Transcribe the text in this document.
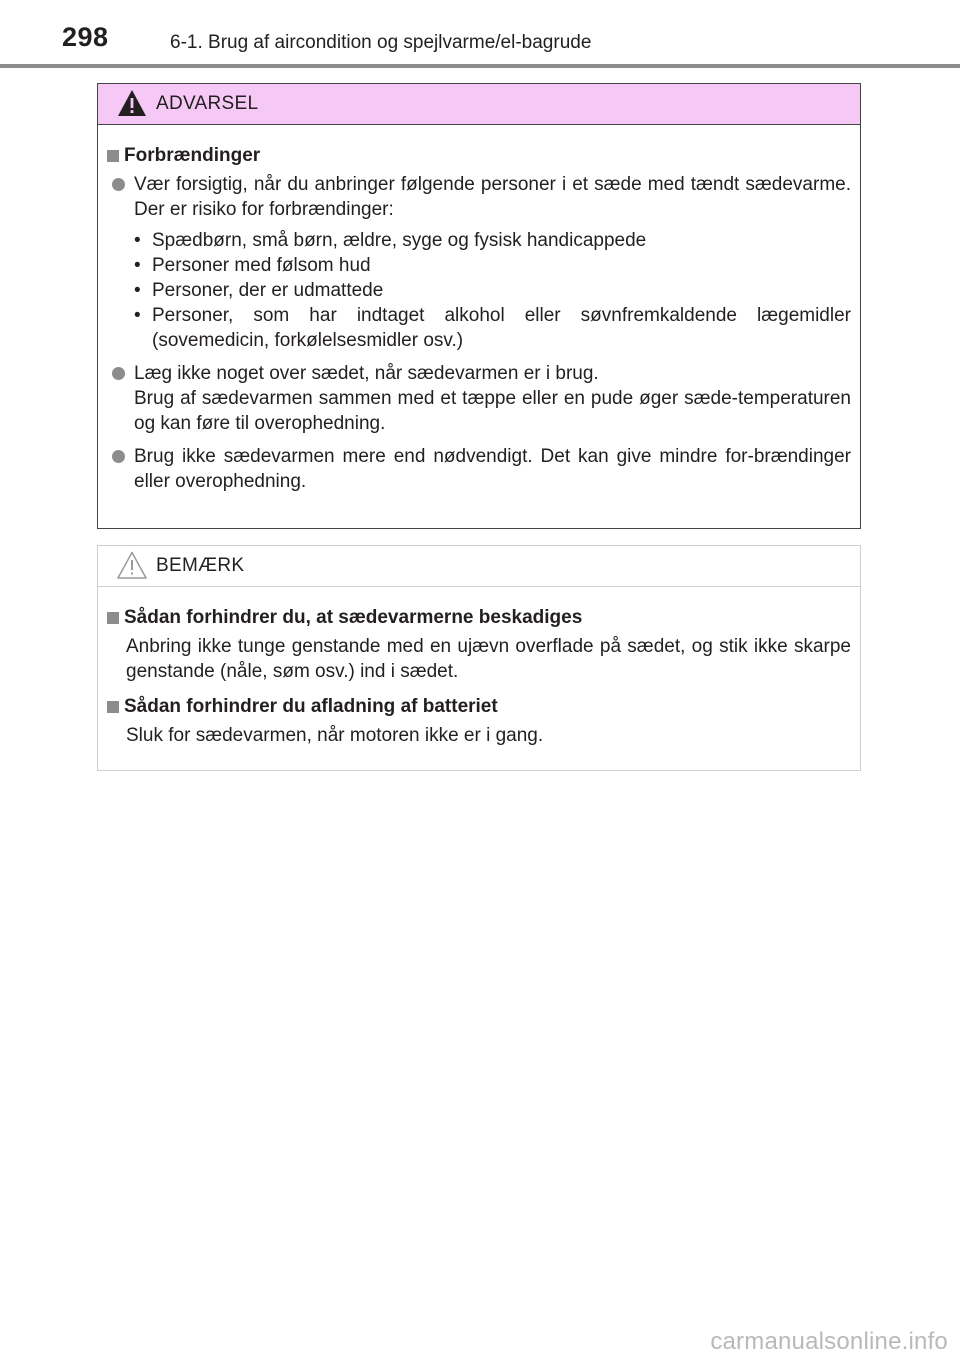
298	6-1. Brug af aircondition og spejlvarme/el-bagrude
ADVARSEL
Forbrændinger
Vær forsigtig, når du anbringer følgende personer i et sæde med tændt sædevarme. Der er risiko for forbrændinger:
• Spædbørn, små børn, ældre, syge og fysisk handicappede
• Personer med følsom hud
• Personer, der er udmattede
• Personer, som har indtaget alkohol eller søvnfremkaldende lægemidler (sovemedicin, forkølelsesmidler osv.)
Læg ikke noget over sædet, når sædevarmen er i brug.
Brug af sædevarmen sammen med et tæppe eller en pude øger sæde-temperaturen og kan føre til overophedning.
Brug ikke sædevarmen mere end nødvendigt. Det kan give mindre for-brændinger eller overophedning.
BEMÆRK
Sådan forhindrer du, at sædevarmerne beskadiges
Anbring ikke tunge genstande med en ujævn overflade på sædet, og stik ikke skarpe genstande (nåle, søm osv.) ind i sædet.
Sådan forhindrer du afladning af batteriet
Sluk for sædevarmen, når motoren ikke er i gang.
carmanualsonline.info
